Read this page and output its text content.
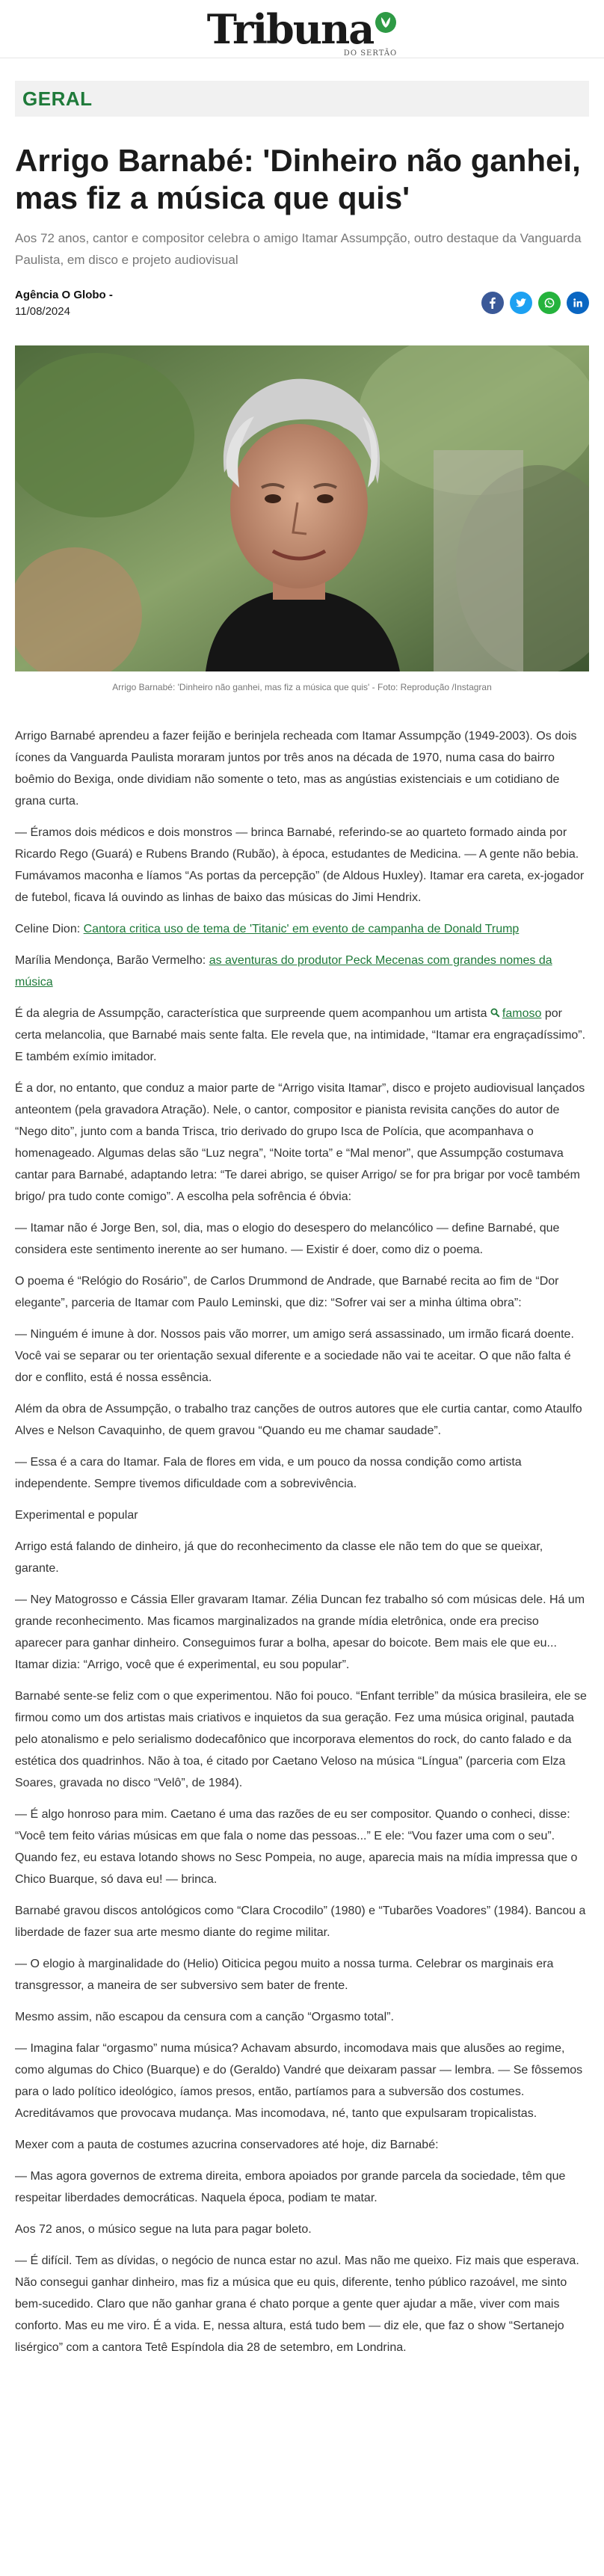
Tribuna
DO SERTÃO
GERAL
Arrigo Barnabé: 'Dinheiro não ganhei, mas fiz a música que quis'

Aos 72 anos, cantor e compositor celebra o amigo Itamar Assumpção, outro destaque da Vanguarda Paulista, em disco e projeto audiovisual

Agência O Globo -
11/08/2024

Arrigo Barnabé: 'Dinheiro não ganhei, mas fiz a música que quis' - Foto: Reprodução /Instagran

Arrigo Barnabé aprendeu a fazer feijão e berinjela recheada com Itamar Assumpção (1949-2003). Os dois ícones da Vanguarda Paulista moraram juntos por três anos na década de 1970, numa casa do bairro boêmio do Bexiga, onde dividiam não somente o teto, mas as angústias existenciais e um cotidiano de grana curta.

— Éramos dois médicos e dois monstros — brinca Barnabé, referindo-se ao quarteto formado ainda por Ricardo Rego (Guará) e Rubens Brando (Rubão), à época, estudantes de Medicina. — A gente não bebia. Fumávamos maconha e líamos “As portas da percepção” (de Aldous Huxley). Itamar era careta, ex-jogador de futebol, ficava lá ouvindo as linhas de baixo das músicas do Jimi Hendrix.

Celine Dion: Cantora critica uso de tema de 'Titanic' em evento de campanha de Donald Trump

Marília Mendonça, Barão Vermelho: as aventuras do produtor Peck Mecenas com grandes nomes da música

É da alegria de Assumpção, característica que surpreende quem acompanhou um artista famoso por certa melancolia, que Barnabé mais sente falta. Ele revela que, na intimidade, “Itamar era engraçadíssimo”. E também exímio imitador.

É a dor, no entanto, que conduz a maior parte de “Arrigo visita Itamar”, disco e projeto audiovisual lançados anteontem (pela gravadora Atração). Nele, o cantor, compositor e pianista revisita canções do autor de “Nego dito”, junto com a banda Trisca, trio derivado do grupo Isca de Polícia, que acompanhava o homenageado. Algumas delas são “Luz negra”, “Noite torta” e “Mal menor”, que Assumpção costumava cantar para Barnabé, adaptando letra: “Te darei abrigo, se quiser Arrigo/ se for pra brigar por você também brigo/ pra tudo conte comigo”. A escolha pela sofrência é óbvia:

— Itamar não é Jorge Ben, sol, dia, mas o elogio do desespero do melancólico — define Barnabé, que considera este sentimento inerente ao ser humano. — Existir é doer, como diz o poema.

O poema é “Relógio do Rosário”, de Carlos Drummond de Andrade, que Barnabé recita ao fim de “Dor elegante”, parceria de Itamar com Paulo Leminski, que diz: “Sofrer vai ser a minha última obra”:

— Ninguém é imune à dor. Nossos pais vão morrer, um amigo será assassinado, um irmão ficará doente. Você vai se separar ou ter orientação sexual diferente e a sociedade não vai te aceitar. O que não falta é dor e conflito, está é nossa essência.

Além da obra de Assumpção, o trabalho traz canções de outros autores que ele curtia cantar, como Ataulfo Alves e Nelson Cavaquinho, de quem gravou “Quando eu me chamar saudade”.

— Essa é a cara do Itamar. Fala de flores em vida, e um pouco da nossa condição como artista independente. Sempre tivemos dificuldade com a sobrevivência.

Experimental e popular

Arrigo está falando de dinheiro, já que do reconhecimento da classe ele não tem do que se queixar, garante.

— Ney Matogrosso e Cássia Eller gravaram Itamar. Zélia Duncan fez trabalho só com músicas dele. Há um grande reconhecimento. Mas ficamos marginalizados na grande mídia eletrônica, onde era preciso aparecer para ganhar dinheiro. Conseguimos furar a bolha, apesar do boicote. Bem mais ele que eu... Itamar dizia: “Arrigo, você que é experimental, eu sou popular”.

Barnabé sente-se feliz com o que experimentou. Não foi pouco. “Enfant terrible” da música brasileira, ele se firmou como um dos artistas mais criativos e inquietos da sua geração. Fez uma música original, pautada pelo atonalismo e pelo serialismo dodecafônico que incorporava elementos do rock, do canto falado e da estética dos quadrinhos. Não à toa, é citado por Caetano Veloso na música “Língua” (parceria com Elza Soares, gravada no disco “Velô”, de 1984).

— É algo honroso para mim. Caetano é uma das razões de eu ser compositor. Quando o conheci, disse: “Você tem feito várias músicas em que fala o nome das pessoas...” E ele: “Vou fazer uma com o seu”. Quando fez, eu estava lotando shows no Sesc Pompeia, no auge, aparecia mais na mídia impressa que o Chico Buarque, só dava eu! — brinca.

Barnabé gravou discos antológicos como “Clara Crocodilo” (1980) e “Tubarões Voadores” (1984). Bancou a liberdade de fazer sua arte mesmo diante do regime militar.

— O elogio à marginalidade do (Helio) Oiticica pegou muito a nossa turma. Celebrar os marginais era transgressor, a maneira de ser subversivo sem bater de frente.

Mesmo assim, não escapou da censura com a canção “Orgasmo total”.

— Imagina falar “orgasmo” numa música? Achavam absurdo, incomodava mais que alusões ao regime, como algumas do Chico (Buarque) e do (Geraldo) Vandré que deixaram passar — lembra. — Se fôssemos para o lado político ideológico, íamos presos, então, partíamos para a subversão dos costumes. Acreditávamos que provocava mudança. Mas incomodava, né, tanto que expulsaram tropicalistas.

Mexer com a pauta de costumes azucrina conservadores até hoje, diz Barnabé:

— Mas agora governos de extrema direita, embora apoiados por grande parcela da sociedade, têm que respeitar liberdades democráticas. Naquela época, podiam te matar.

Aos 72 anos, o músico segue na luta para pagar boleto.

— É difícil. Tem as dívidas, o negócio de nunca estar no azul. Mas não me queixo. Fiz mais que esperava. Não consegui ganhar dinheiro, mas fiz a música que eu quis, diferente, tenho público razoável, me sinto bem-sucedido. Claro que não ganhar grana é chato porque a gente quer ajudar a mãe, viver com mais conforto. Mas eu me viro. É a vida. E, nessa altura, está tudo bem — diz ele, que faz o show “Sertanejo lisérgico” com a cantora Tetê Espíndola dia 28 de setembro, em Londrina.
